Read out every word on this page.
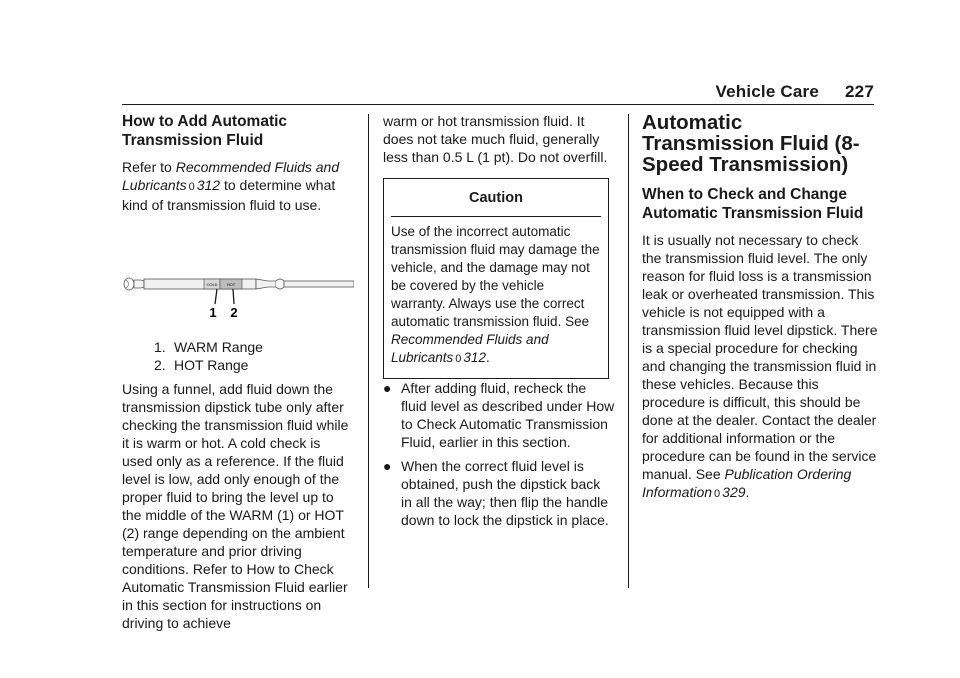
Vehicle Care 227
How to Add Automatic Transmission Fluid

Refer to Recommended Fluids and Lubricants 0 312 to determine what kind of transmission fluid to use.

COLD HOT
1 2
1. WARM Range
2. HOT Range

Using a funnel, add fluid down the transmission dipstick tube only after checking the transmission fluid while it is warm or hot. A cold check is used only as a reference. If the fluid level is low, add only enough of the proper fluid to bring the level up to the middle of the WARM (1) or HOT (2) range depending on the ambient temperature and prior driving conditions. Refer to How to Check Automatic Transmission Fluid earlier in this section for instructions on driving to achieve

warm or hot transmission fluid. It does not take much fluid, generally less than 0.5 L (1 pt). Do not overfill.

Caution
Use of the incorrect automatic transmission fluid may damage the vehicle, and the damage may not be covered by the vehicle warranty. Always use the correct automatic transmission fluid. See Recommended Fluids and Lubricants 0 312.
● After adding fluid, recheck the fluid level as described under How to Check Automatic Transmission Fluid, earlier in this section.
● When the correct fluid level is obtained, push the dipstick back in all the way; then flip the handle down to lock the dipstick in place.
Automatic Transmission Fluid (8-Speed Transmission)
When to Check and Change Automatic Transmission Fluid

It is usually not necessary to check the transmission fluid level. The only reason for fluid loss is a transmission leak or overheated transmission. This vehicle is not equipped with a transmission fluid level dipstick. There is a special procedure for checking and changing the transmission fluid in these vehicles. Because this procedure is difficult, this should be done at the dealer. Contact the dealer for additional information or the procedure can be found in the service manual. See Publication Ordering Information 0 329.
